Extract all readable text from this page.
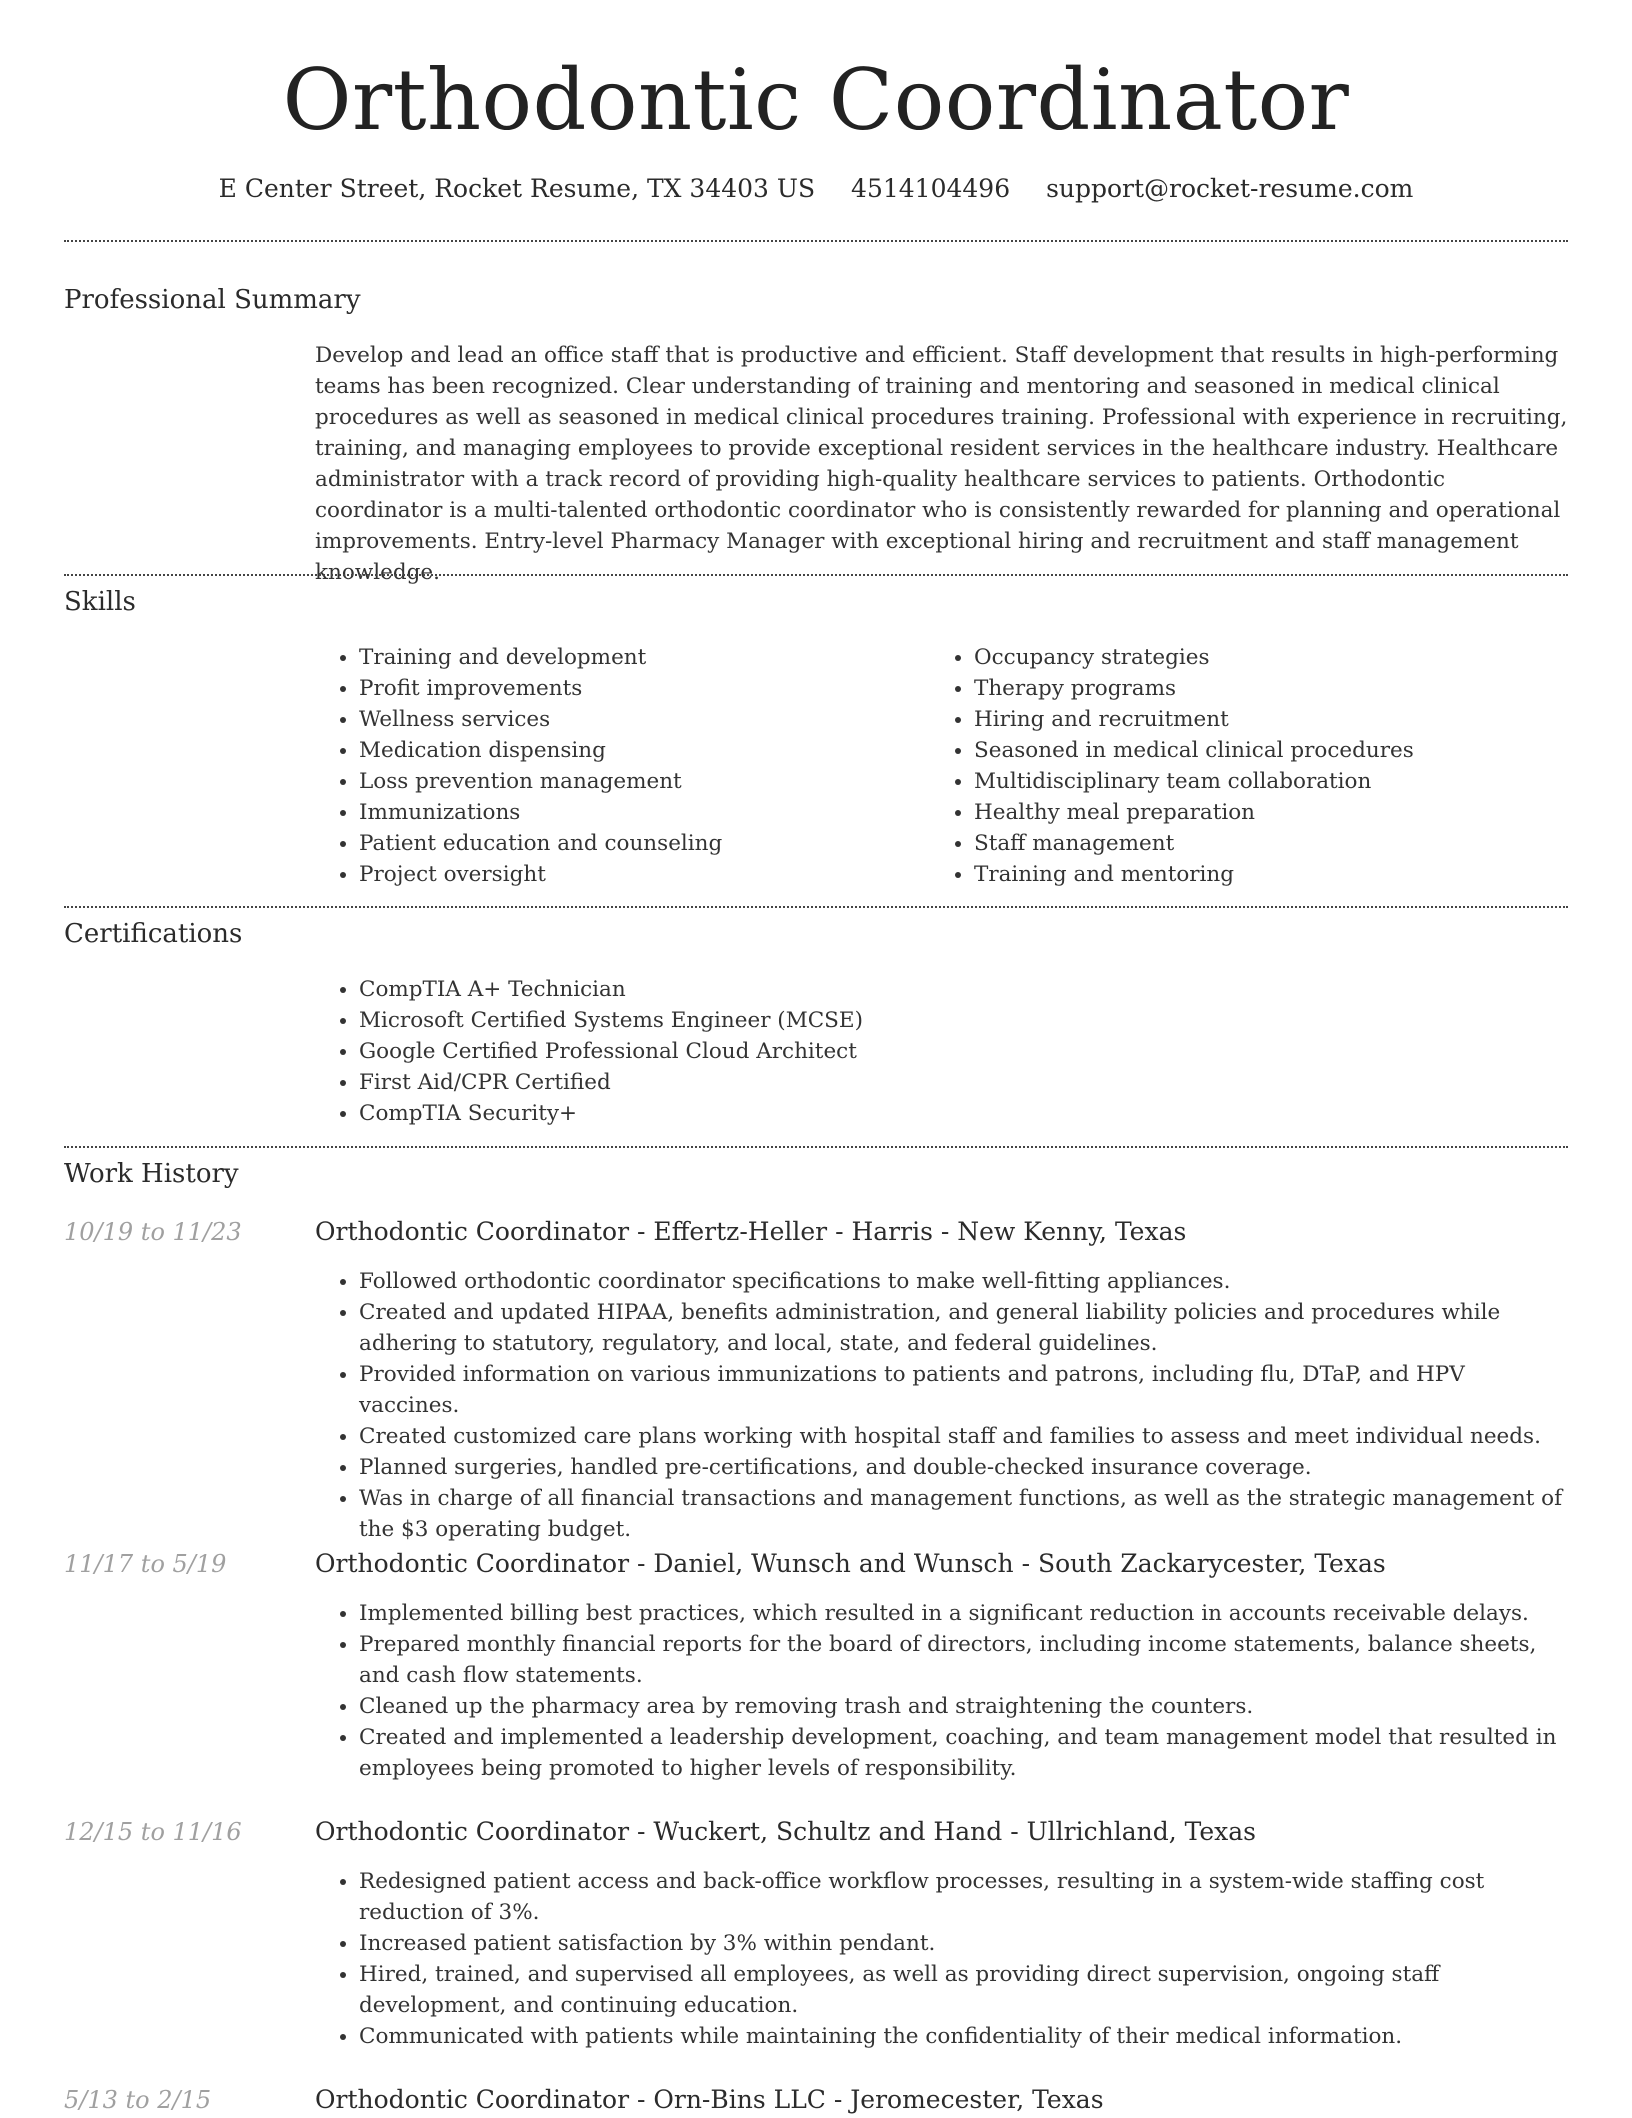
Orthodontic Coordinator
E Center Street, Rocket Resume, TX 34403 US 4514104496 support@rocket-resume.com
Professional Summary

Develop and lead an office staff that is productive and efficient. Staff development that results in high-performing teams has been recognized. Clear understanding of training and mentoring and seasoned in medical clinical procedures as well as seasoned in medical clinical procedures training. Professional with experience in recruiting, training, and managing employees to provide exceptional resident services in the healthcare industry. Healthcare administrator with a track record of providing high-quality healthcare services to patients. Orthodontic coordinator is a multi-talented orthodontic coordinator who is consistently rewarded for planning and operational improvements. Entry-level Pharmacy Manager with exceptional hiring and recruitment and staff management knowledge.

Skills
• Training and development
• Profit improvements
• Wellness services
• Medication dispensing
• Loss prevention management
• Immunizations
• Patient education and counseling
• Project oversight
• Occupancy strategies
• Therapy programs
• Hiring and recruitment
• Seasoned in medical clinical procedures
• Multidisciplinary team collaboration
• Healthy meal preparation
• Staff management
• Training and mentoring
Certifications
• CompTIA A+ Technician
• Microsoft Certified Systems Engineer (MCSE)
• Google Certified Professional Cloud Architect
• First Aid/CPR Certified
• CompTIA Security+
Work History
10/19 to 11/23	Orthodontic Coordinator - Effertz-Heller - Harris - New Kenny, Texas
• Followed orthodontic coordinator specifications to make well-fitting appliances.
• Created and updated HIPAA, benefits administration, and general liability policies and procedures while adhering to statutory, regulatory, and local, state, and federal guidelines.
• Provided information on various immunizations to patients and patrons, including flu, DTaP, and HPV vaccines.
• Created customized care plans working with hospital staff and families to assess and meet individual needs.
• Planned surgeries, handled pre-certifications, and double-checked insurance coverage.
• Was in charge of all financial transactions and management functions, as well as the strategic management of the $3 operating budget.
11/17 to 5/19	Orthodontic Coordinator - Daniel, Wunsch and Wunsch - South Zackarycester, Texas
• Implemented billing best practices, which resulted in a significant reduction in accounts receivable delays.
• Prepared monthly financial reports for the board of directors, including income statements, balance sheets, and cash flow statements.
• Cleaned up the pharmacy area by removing trash and straightening the counters.
• Created and implemented a leadership development, coaching, and team management model that resulted in employees being promoted to higher levels of responsibility.
12/15 to 11/16	Orthodontic Coordinator - Wuckert, Schultz and Hand - Ullrichland, Texas
• Redesigned patient access and back-office workflow processes, resulting in a system-wide staffing cost reduction of 3%.
• Increased patient satisfaction by 3% within pendant.
• Hired, trained, and supervised all employees, as well as providing direct supervision, ongoing staff development, and continuing education.
• Communicated with patients while maintaining the confidentiality of their medical information.
5/13 to 2/15	Orthodontic Coordinator - Orn-Bins LLC - Jeromecester, Texas
